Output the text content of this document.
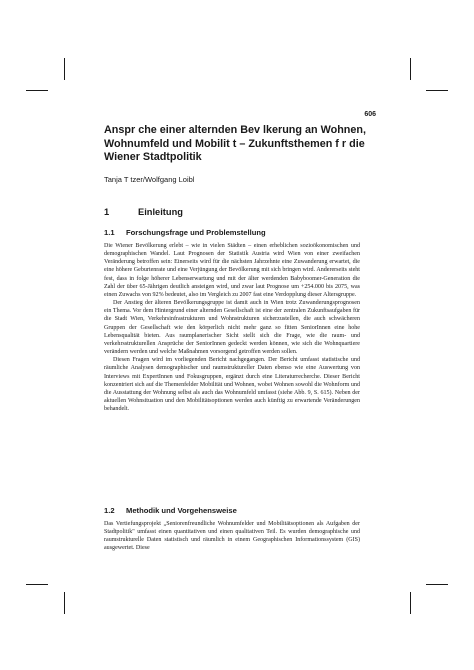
606
Anspr che einer alternden Bev lkerung an Wohnen,
Wohnumfeld und Mobilit t – Zukunftsthemen f r die
Wiener Stadtpolitik
Tanja T tzer/Wolfgang Loibl
1	Einleitung
1.1 Forschungsfrage und Problemstellung

Die Wiener Bevölkerung erlebt – wie in vielen Städten – einen erheblichen sozioökonomischen und demographischen Wandel. Laut Prognosen der Statistik Austria wird Wien von einer zweifachen Veränderung betroffen sein: Einerseits wird für die nächsten Jahrzehnte eine Zuwanderung erwartet, die eine höhere Geburtenrate und eine Verjüngung der Bevölkerung mit sich bringen wird. Andererseits steht fest, dass in folge höherer Lebenserwartung und mit der älter werdenden Babyboomer-Generation die Zahl der über 65-Jährigen deutlich ansteigen wird, und zwar laut Prognose um +254.000 bis 2075, was einen Zuwachs von 92% bedeutet, also im Vergleich zu 2007 fast eine Verdopplung dieser Altersgruppe.

Der Anstieg der älteren Bevölkerungsgruppe ist damit auch in Wien trotz Zuwanderungsprognosen ein Thema. Vor dem Hintergrund einer alternden Gesellschaft ist eine der zentralen Zukunftsaufgaben für die Stadt Wien, Verkehrsinfrastrukturen und Wohnstrukturen sicherzustellen, die auch schwächeren Gruppen der Gesellschaft wie den körperlich nicht mehr ganz so fitten SeniorInnen eine hohe Lebensqualität bieten. Aus raumplanerischer Sicht stellt sich die Frage, wie die raum- und verkehrsstrukturellen Ansprüche der SeniorInnen gedeckt werden können, wie sich die Wohnquartiere verändern werden und welche Maßnahmen vorsorgend getroffen werden sollen.

Diesen Fragen wird im vorliegenden Bericht nachgegangen. Der Bericht umfasst statistische und räumliche Analysen demographischer und raumstruktureller Daten ebenso wie eine Auswertung von Interviews mit ExpertInnen und Fokusgruppen, ergänzt durch eine Literaturrecherche. Dieser Bericht konzentriert sich auf die Themenfelder Mobilität und Wohnen, wobei Wohnen sowohl die Wohnform und die Ausstattung der Wohnung selbst als auch das Wohnumfeld umfasst (siehe Abb. 9, S. 615). Neben der aktuellen Wohnsituation und den Mobilitätsoptionen werden auch künftig zu erwartende Veränderungen behandelt.

1.2 Methodik und Vorgehensweise

Das Vertiefungsprojekt „Seniorenfreundliche Wohnumfelder und Mobilitätsoptionen als Aufgaben der Stadtpolitik" umfasst einen quantitativen und einen qualitativen Teil. Es wurden demographische und raumstrukturelle Daten statistisch und räumlich in einem Geographischen Informationssystem (GIS) ausgewertet. Diese
